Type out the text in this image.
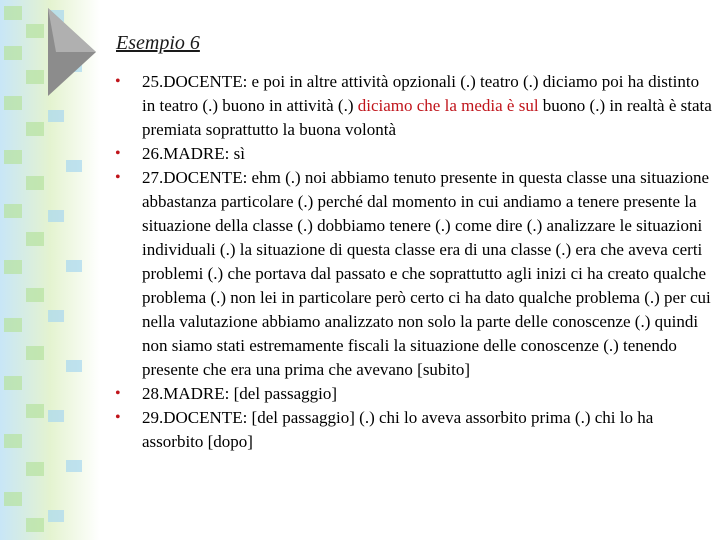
Esempio 6
• 25.DOCENTE: e poi in altre attività opzionali (.) teatro (.) diciamo poi ha distinto in teatro (.) buono in attività (.) diciamo che la media è sul buono (.) in realtà è stata premiata soprattutto la buona volontà
• 26.MADRE: sì
• 27.DOCENTE: ehm (.) noi abbiamo tenuto presente in questa classe una situazione abbastanza particolare (.) perché dal momento in cui andiamo a tenere presente la situazione della classe (.) dobbiamo tenere (.) come dire (.) analizzare le situazioni individuali (.) la situazione di questa classe era di una classe (.) era che aveva certi problemi (.) che portava dal passato e che soprattutto agli inizi ci ha creato qualche problema (.) non lei in particolare però certo ci ha dato qualche problema (.) per cui nella valutazione abbiamo analizzato non solo la parte delle conoscenze (.) quindi non siamo stati estremamente fiscali la situazione delle conoscenze (.) tenendo presente che era una prima che avevano [subito]
• 28.MADRE: [del passaggio]
• 29.DOCENTE: [del passaggio] (.) chi lo aveva assorbito prima (.) chi lo ha assorbito [dopo]
